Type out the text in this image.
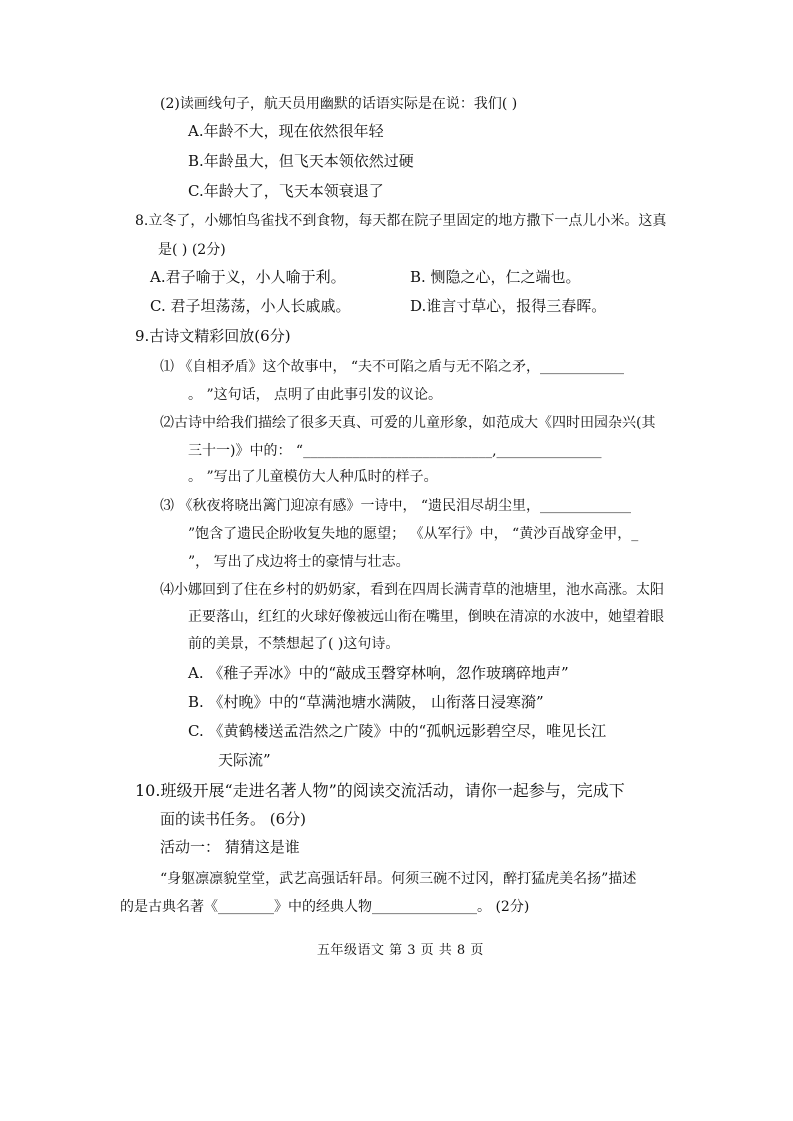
(2)读画线句子，航天员用幽默的话语实际是在说：我们( )
A.年龄不大，现在依然很年轻
B.年龄虽大，但飞天本领依然过硬
C.年龄大了，飞天本领衰退了
8.立冬了，小娜怕鸟雀找不到食物，每天都在院子里固定的地方撒下一点儿小米。这真
是( ) (2分)
A.君子喻于义，小人喻于利。	B. 恻隐之心，仁之端也。
C. 君子坦荡荡，小人长戚戚。	D.谁言寸草心，报得三春晖。
9.古诗文精彩回放(6分)
⑴ 《自相矛盾》这个故事中， “夫不可陷之盾与无不陷之矛，____________
。 ”这句话， 点明了由此事引发的议论。
⑵古诗中给我们描绘了很多天真、可爱的儿童形象，如范成大《四时田园杂兴(其
三十一)》中的： “___________________________,_______________
。 ”写出了儿童模仿大人种瓜时的样子。
⑶ 《秋夜将晓出篱门迎凉有感》一诗中， “遗民泪尽胡尘里，_____________
”饱含了遗民企盼收复失地的愿望； 《从军行》中， “黄沙百战穿金甲，_
”， 写出了戍边将士的豪情与壮志。
⑷小娜回到了住在乡村的奶奶家，看到在四周长满青草的池塘里，池水高涨。太阳
正要落山，红红的火球好像被远山衔在嘴里，倒映在清凉的水波中，她望着眼
前的美景，不禁想起了( )这句诗。
A. 《稚子弄冰》中的“敲成玉磬穿林响，忽作玻璃碎地声”
B. 《村晚》中的“草满池塘水满陂， 山衔落日浸寒漪”
C. 《黄鹤楼送孟浩然之广陵》中的“孤帆远影碧空尽，唯见长江
天际流”
10.班级开展“走进名著人物”的阅读交流活动，请你一起参与，完成下
面的读书任务。 (6分)
活动一： 猜猜这是谁
“身躯凛凛貌堂堂，武艺高强话轩昂。何须三碗不过冈，醉打猛虎美名扬”描述
的是古典名著《________》中的经典人物_______________。 (2分)
五年级语文 第 3 页 共 8 页
